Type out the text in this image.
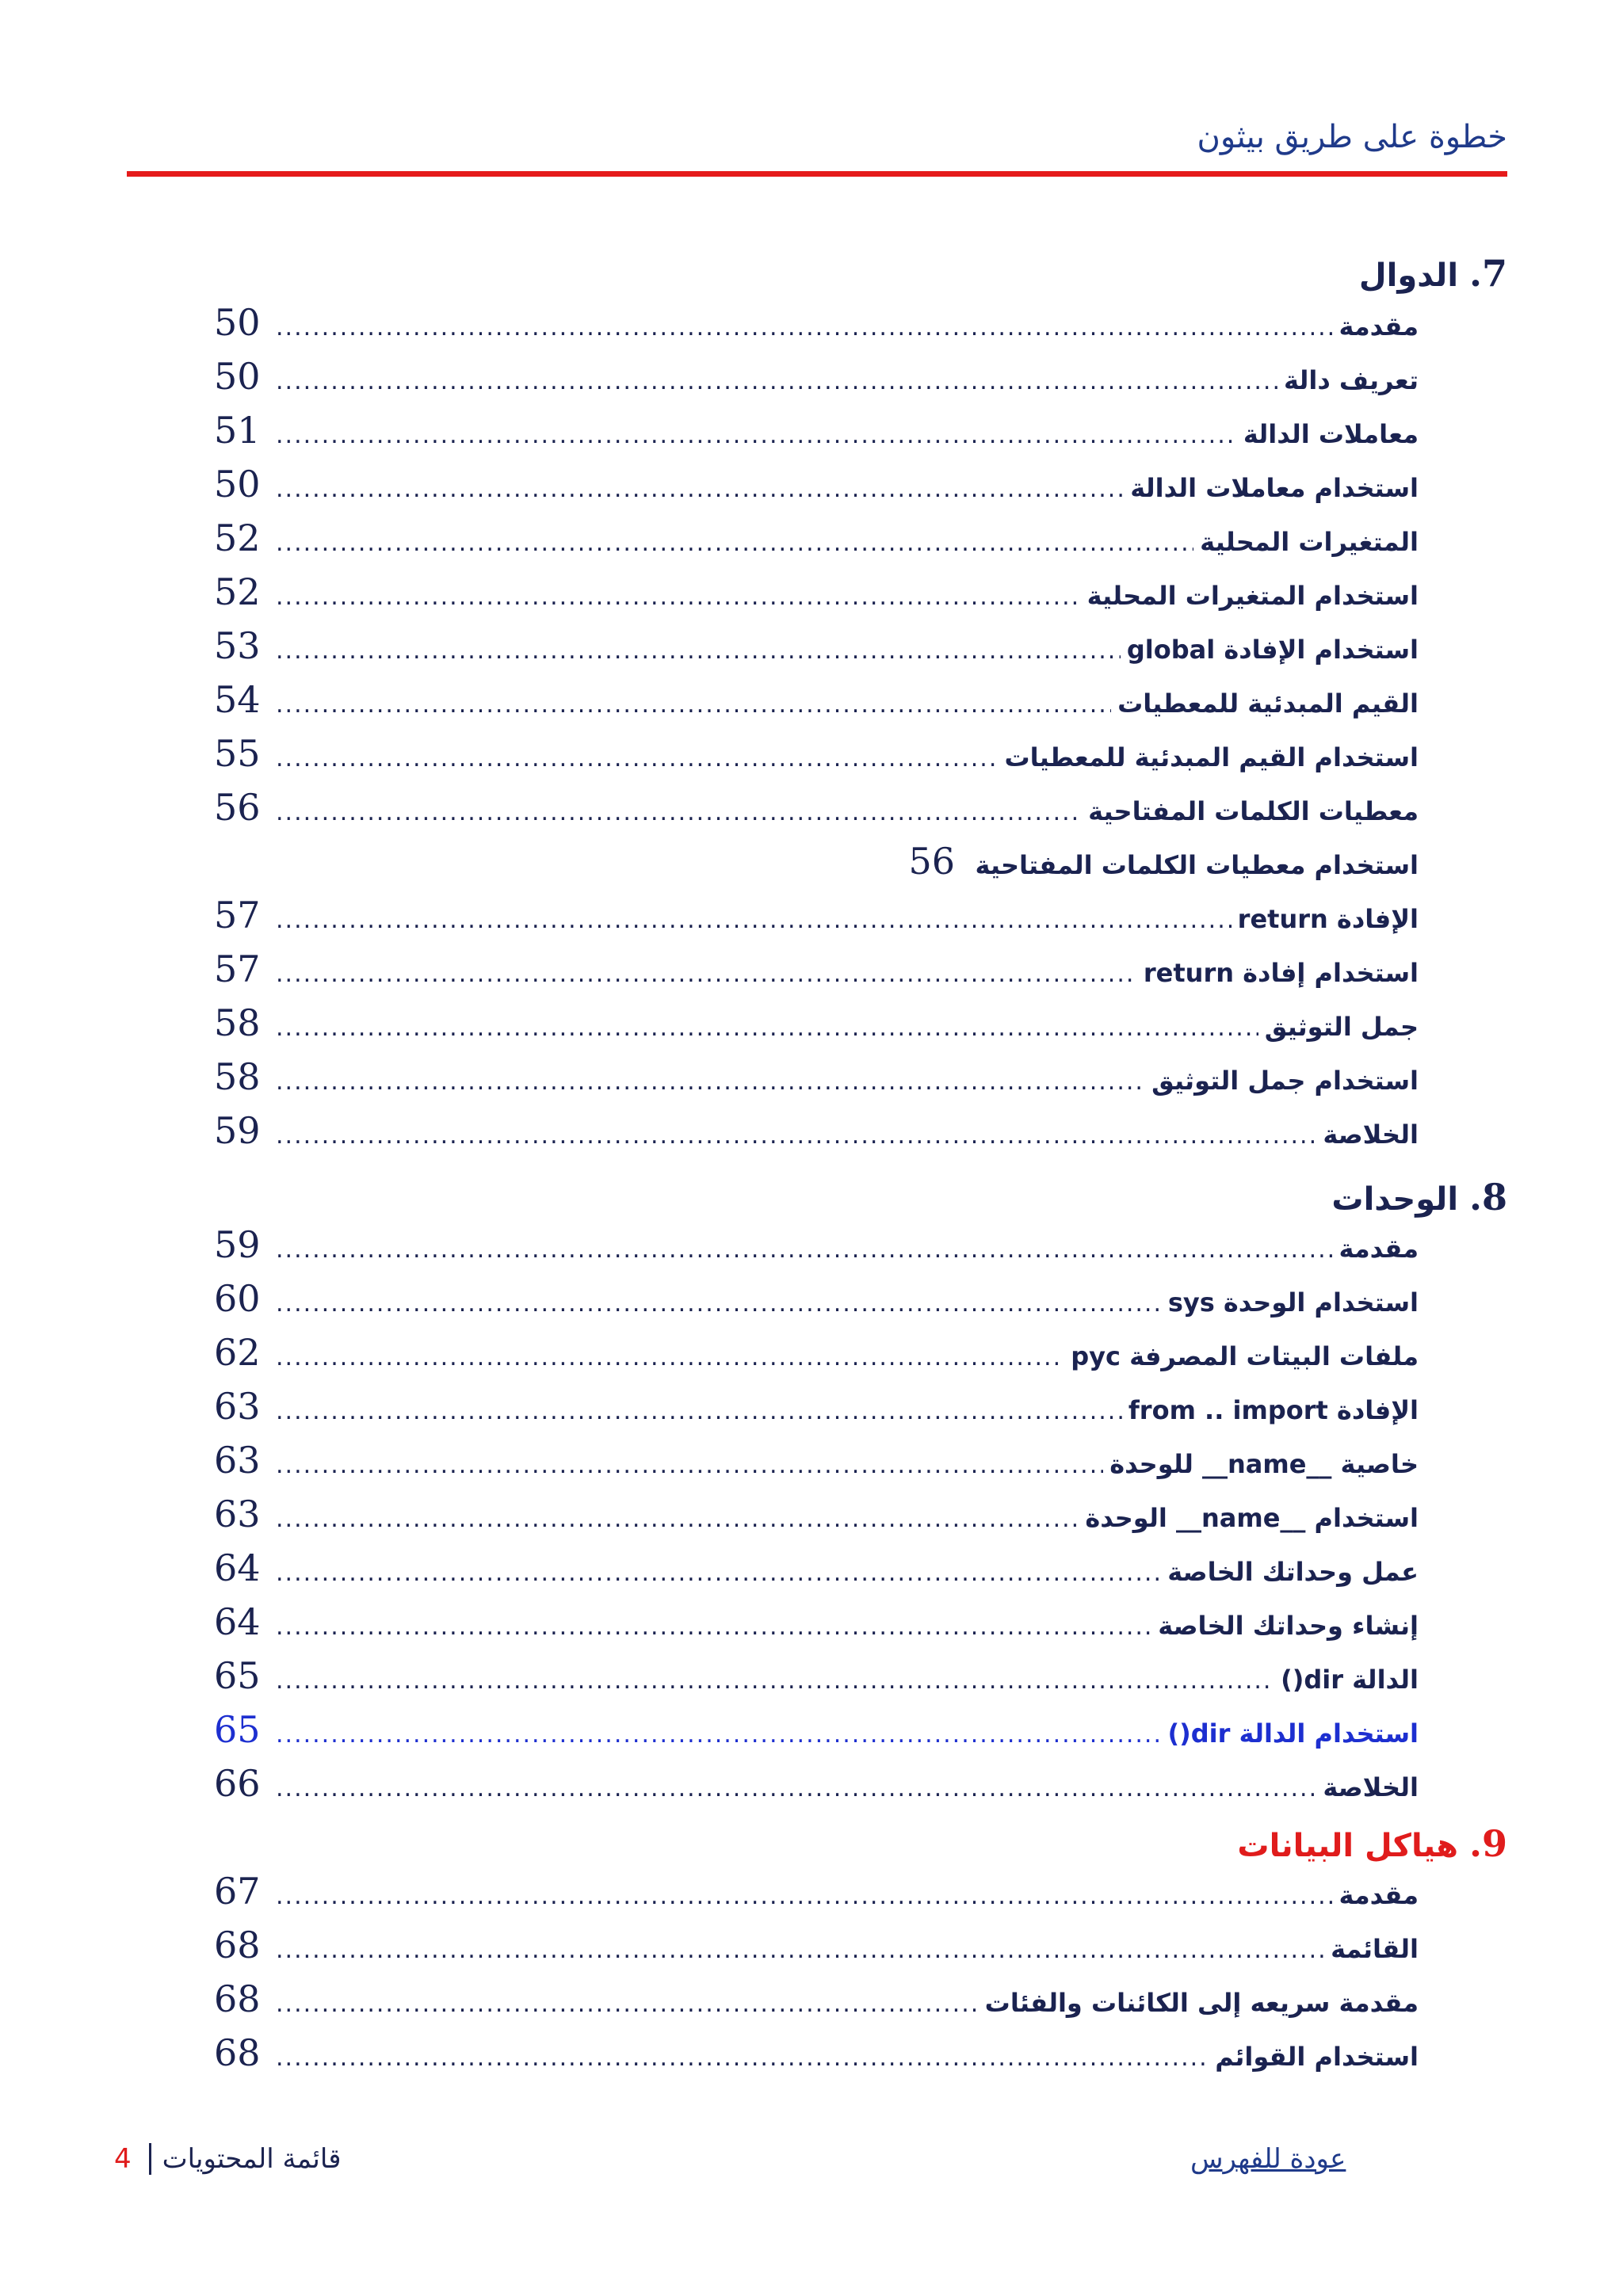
خطوة على طريق بيثون
7. الدوال
مقدمة
.....
50
تعريف دالة
.....
50
معاملات الدالة
.....
51
استخدام معاملات الدالة
.....
50
المتغيرات المحلية
.....
52
استخدام المتغيرات المحلية
.....
52
استخدام الإفادة global
.....
53
القيم المبدئية للمعطيات
.....
54
استخدام القيم المبدئية للمعطيات
.....
55
معطيات الكلمات المفتاحية
.....
56
استخدام معطيات الكلمات المفتاحية
56
الإفادة return
.....
57
استخدام إفادة return
.....
57
جمل التوثيق
.....
58
استخدام جمل التوثيق
.....
58
الخلاصة
.....
59
8. الوحدات
مقدمة
.....
59
استخدام الوحدة sys
.....
60
ملفات البيتات المصرفة pyc
.....
62
الإفادة from .. import
.....
63
خاصية __name__ للوحدة
.....
63
استخدام __name__ الوحدة
.....
63
عمل وحداتك الخاصة
.....
64
إنشاء وحداتك الخاصة
.....
64
الدالة dir()
.....
65
استخدام الدالة dir()
.....
65
الخلاصة
.....
66
9. هياكل البيانات
مقدمة
.....
67
القائمة
.....
68
مقدمة سريعه إلى الكائنات والفئات
.....
68
استخدام القوائم
.....
68
4 قائمة المحتويات	عودة للفهرس
